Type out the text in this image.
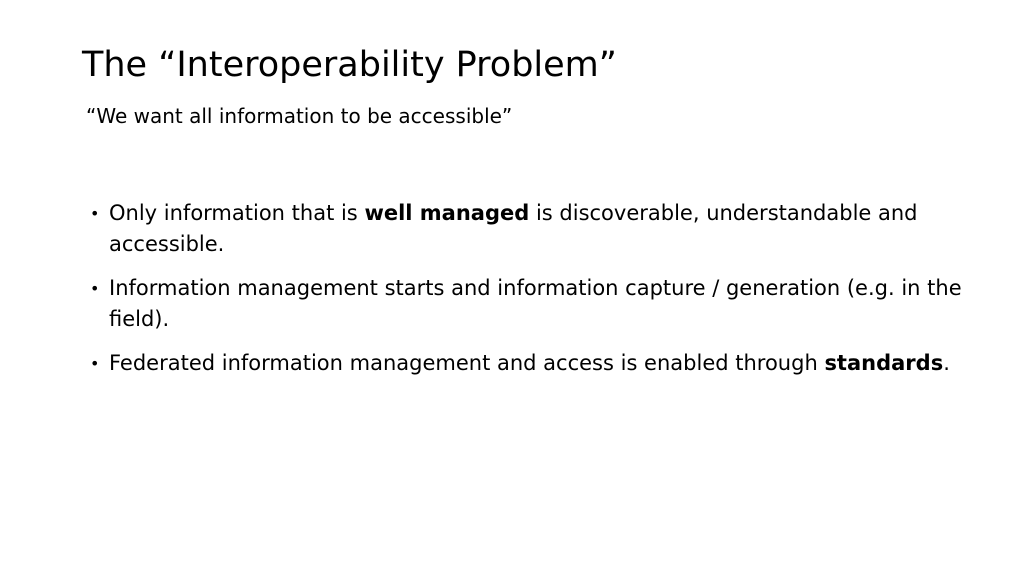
The “Interoperability Problem”

“We want all information to be accessible”

• Only information that is well managed is discoverable, understandable and accessible.
• Information management starts and information capture / generation (e.g. in the field).
• Federated information management and access is enabled through standards.
